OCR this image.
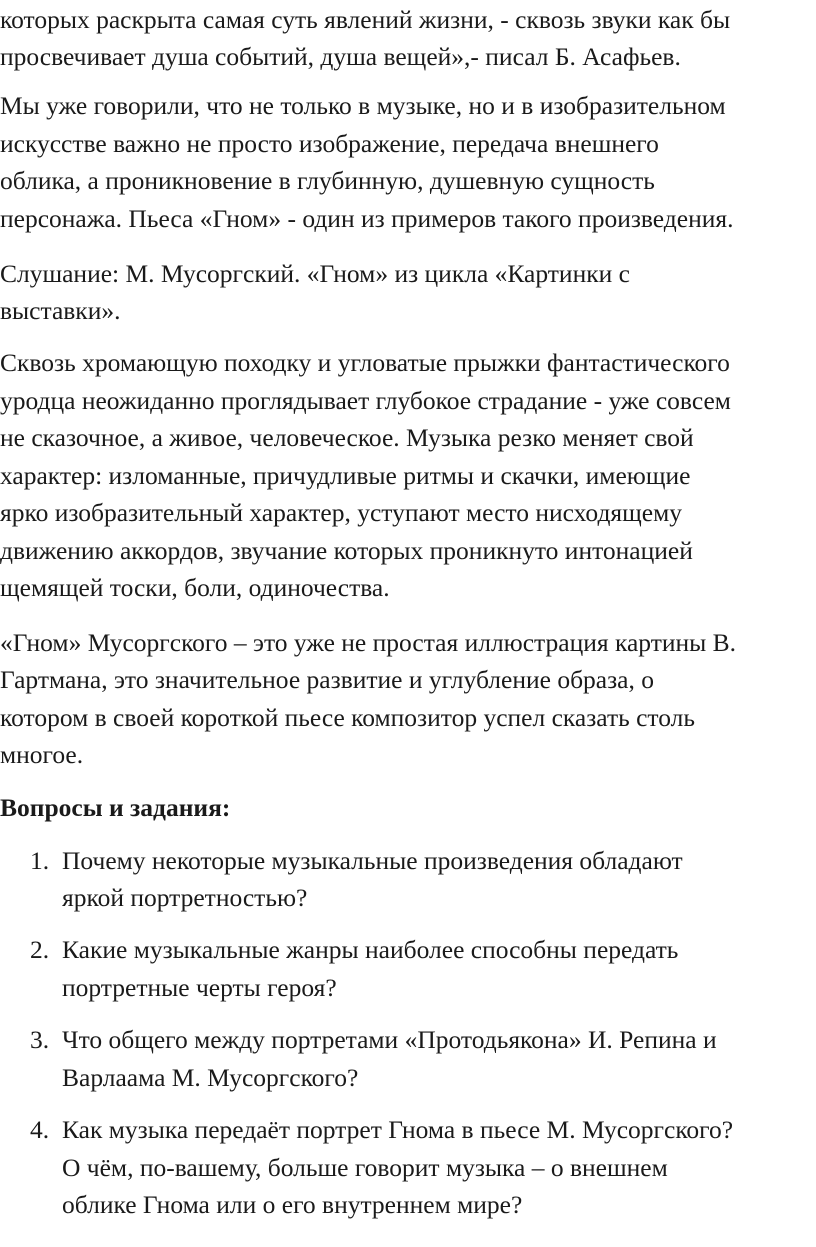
которых раскрыта самая суть явлений жизни, - сквозь звуки как бы
просвечивает душа событий, душа вещей»,- писал Б. Асафьев.
Мы уже говорили, что не только в музыке, но и в изобразительном
искусстве важно не просто изображение, передача внешнего
облика, а проникновение в глубинную, душевную сущность
персонажа. Пьеса «Гном» - один из примеров такого произведения.
Слушание: М. Мусоргский. «Гном» из цикла «Картинки с
выставки».
Сквозь хромающую походку и угловатые прыжки фантастического
уродца неожиданно проглядывает глубокое страдание - уже совсем
не сказочное, а живое, человеческое. Музыка резко меняет свой
характер: изломанные, причудливые ритмы и скачки, имеющие
ярко изобразительный характер, уступают место нисходящему
движению аккордов, звучание которых проникнуто интонацией
щемящей тоски, боли, одиночества.
«Гном» Мусоргского – это уже не простая иллюстрация картины В.
Гартмана, это значительное развитие и углубление образа, о
котором в своей короткой пьесе композитор успел сказать столь
многое.
Вопросы и задания:
1. Почему некоторые музыкальные произведения обладают
яркой портретностью?
2. Какие музыкальные жанры наиболее способны передать
портретные черты героя?
3. Что общего между портретами «Протодьякона» И. Репина и
Варлаама М. Мусоргского?
4. Как музыка передаёт портрет Гнома в пьесе М. Мусоргского?
О чём, по-вашему, больше говорит музыка – о внешнем
облике Гнома или о его внутреннем мире?
